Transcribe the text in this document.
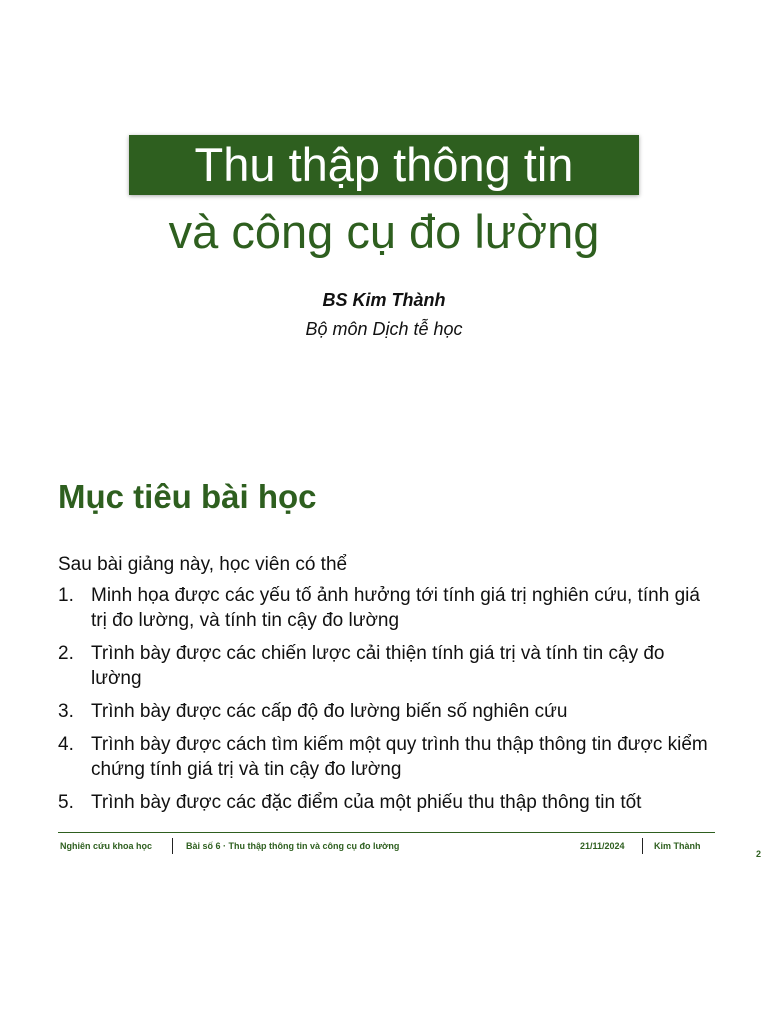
Thu thập thông tin
và công cụ đo lường
BS Kim Thành
Bộ môn Dịch tễ học
Mục tiêu bài học
Sau bài giảng này, học viên có thể
1. Minh họa được các yếu tố ảnh hưởng tới tính giá trị nghiên cứu, tính giá trị đo lường, và tính tin cậy đo lường
2. Trình bày được các chiến lược cải thiện tính giá trị và tính tin cậy đo lường
3. Trình bày được các cấp độ đo lường biến số nghiên cứu
4. Trình bày được cách tìm kiếm một quy trình thu thập thông tin được kiểm chứng tính giá trị và tin cậy đo lường
5. Trình bày được các đặc điểm của một phiếu thu thập thông tin tốt
Nghiên cứu khoa học	Bài số 6 · Thu thập thông tin và công cụ đo lường	21/11/2024	Kim Thành
2
